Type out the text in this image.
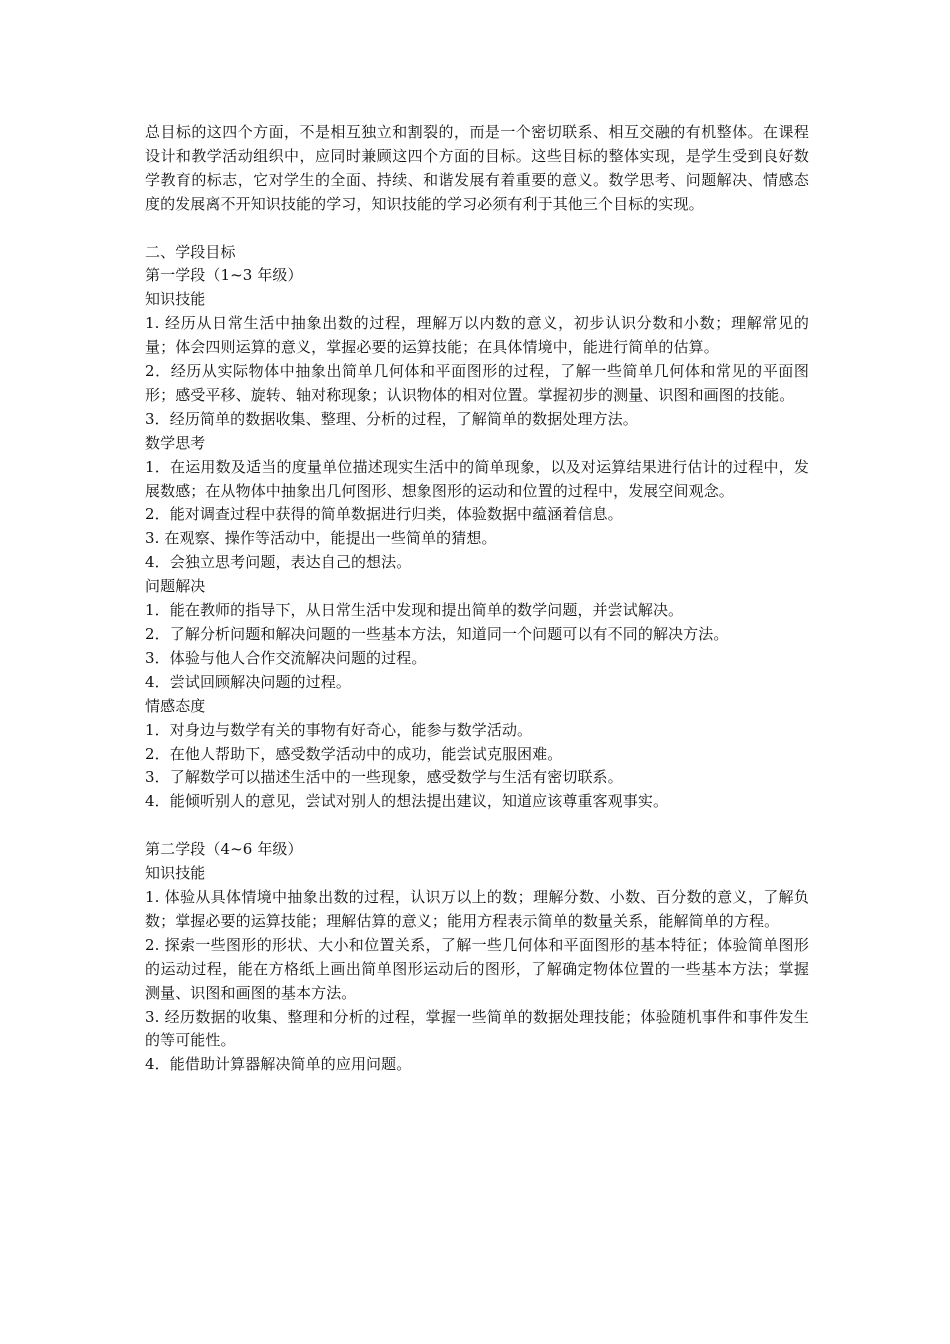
总目标的这四个方面，不是相互独立和割裂的，而是一个密切联系、相互交融的有机整体。在课程设计和教学活动组织中，应同时兼顾这四个方面的目标。这些目标的整体实现，是学生受到良好数学教育的标志，它对学生的全面、持续、和谐发展有着重要的意义。数学思考、问题解决、情感态度的发展离不开知识技能的学习，知识技能的学习必须有利于其他三个目标的实现。

二、学段目标

第一学段（1~3 年级）

知识技能

1. 经历从日常生活中抽象出数的过程，理解万以内数的意义，初步认识分数和小数；理解常见的量；体会四则运算的意义，掌握必要的运算技能；在具体情境中，能进行简单的估算。

2．经历从实际物体中抽象出简单几何体和平面图形的过程，了解一些简单几何体和常见的平面图形；感受平移、旋转、轴对称现象；认识物体的相对位置。掌握初步的测量、识图和画图的技能。

3．经历简单的数据收集、整理、分析的过程，了解简单的数据处理方法。

数学思考

1．在运用数及适当的度量单位描述现实生活中的简单现象，以及对运算结果进行估计的过程中，发展数感；在从物体中抽象出几何图形、想象图形的运动和位置的过程中，发展空间观念。

2．能对调查过程中获得的简单数据进行归类，体验数据中蕴涵着信息。

3. 在观察、操作等活动中，能提出一些简单的猜想。

4．会独立思考问题，表达自己的想法。

问题解决

1．能在教师的指导下，从日常生活中发现和提出简单的数学问题，并尝试解决。

2．了解分析问题和解决问题的一些基本方法，知道同一个问题可以有不同的解决方法。

3．体验与他人合作交流解决问题的过程。

4．尝试回顾解决问题的过程。

情感态度

1．对身边与数学有关的事物有好奇心，能参与数学活动。

2．在他人帮助下，感受数学活动中的成功，能尝试克服困难。

3．了解数学可以描述生活中的一些现象，感受数学与生活有密切联系。

4．能倾听别人的意见，尝试对别人的想法提出建议，知道应该尊重客观事实。

第二学段（4~6 年级）

知识技能

1. 体验从具体情境中抽象出数的过程，认识万以上的数；理解分数、小数、百分数的意义，了解负数；掌握必要的运算技能；理解估算的意义；能用方程表示简单的数量关系，能解简单的方程。

2. 探索一些图形的形状、大小和位置关系，了解一些几何体和平面图形的基本特征；体验简单图形的运动过程，能在方格纸上画出简单图形运动后的图形，了解确定物体位置的一些基本方法；掌握测量、识图和画图的基本方法。

3. 经历数据的收集、整理和分析的过程，掌握一些简单的数据处理技能；体验随机事件和事件发生的等可能性。

4．能借助计算器解决简单的应用问题。
